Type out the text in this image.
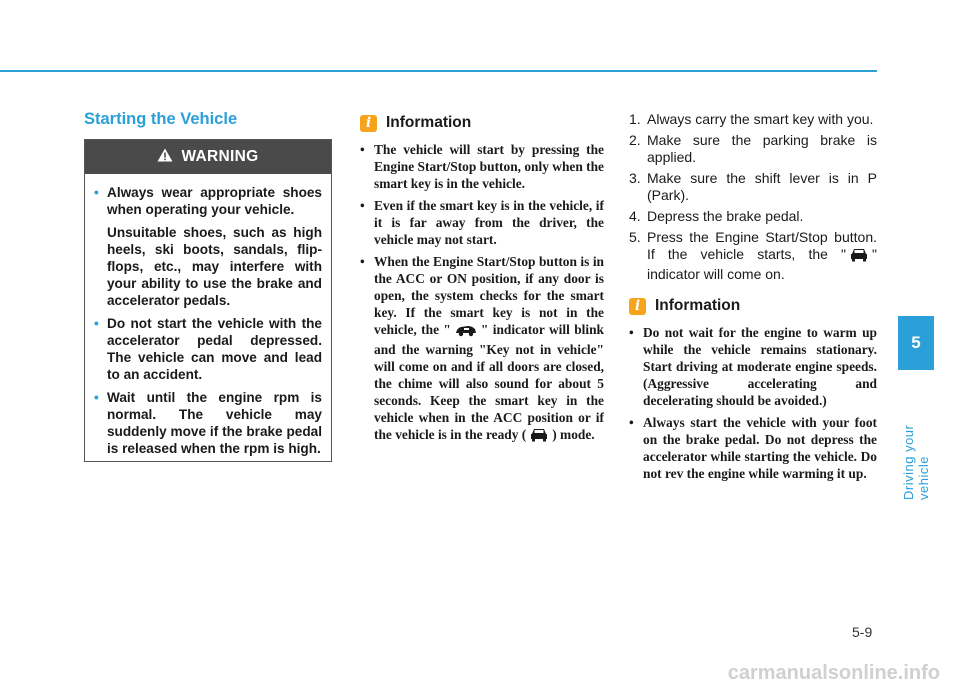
Starting the Vehicle
WARNING
• Always wear appropriate shoes when operating your vehicle.
Unsuitable shoes, such as high heels, ski boots, sandals, flip-flops, etc., may interfere with your ability to use the brake and accelerator pedals.
• Do not start the vehicle with the accelerator pedal depressed. The vehicle can move and lead to an accident.
• Wait until the engine rpm is normal. The vehicle may suddenly move if the brake pedal is released when the rpm is high.
i Information
• The vehicle will start by pressing the Engine Start/Stop button, only when the smart key is in the vehicle.
• Even if the smart key is in the vehicle, if it is far away from the driver, the vehicle may not start.
• When the Engine Start/Stop button is in the ACC or ON position, if any door is open, the system checks for the smart key. If the smart key is not in the vehicle, the " " indicator will blink and the warning "Key not in vehicle" will come on and if all doors are closed, the chime will also sound for about 5 seconds. Keep the smart key in the vehicle when in the ACC position or if the vehicle is in the ready ( ) mode.
1. Always carry the smart key with you.
2. Make sure the parking brake is applied.
3. Make sure the shift lever is in P (Park).
4. Depress the brake pedal.
5. Press the Engine Start/Stop button. If the vehicle starts, the " " indicator will come on.
i Information
• Do not wait for the engine to warm up while the vehicle remains stationary. Start driving at moderate engine speeds. (Aggressive accelerating and decelerating should be avoided.)
• Always start the vehicle with your foot on the brake pedal. Do not depress the accelerator while starting the vehicle. Do not rev the engine while warming it up.
5
Driving your vehicle
5-9
carmanualsonline.info
